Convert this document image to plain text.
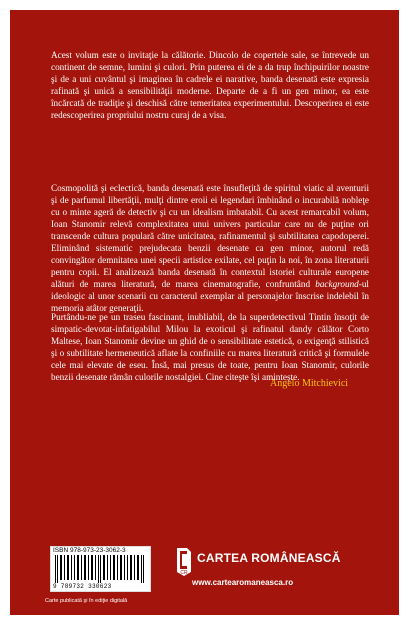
Acest volum este o invitaţie la călătorie. Dincolo de copertele sale, se întrevede un continent de semne, lumini şi culori. Prin puterea ei de a da trup închipuirilor noastre şi de a uni cuvântul şi imaginea în cadrele ei narative, banda desenată este expresia rafinată şi unică a sensibilităţii moderne. Departe de a fi un gen minor, ea este încărcată de tradiţie şi deschisă către temeritatea experimentului. Descoperirea ei este redescoperirea propriului nostru curaj de a visa.

Cosmopolită şi eclectică, banda desenată este însufleţită de spiritul viatic al aventurii şi de parfumul libertăţii, mulţi dintre eroii ei legendari îmbinând o incurabilă nobleţe cu o minte ageră de detectiv şi cu un idealism imbatabil. Cu acest remarcabil volum, Ioan Stanomir relevă complexitatea unui univers particular care nu de puţine ori transcende cultura populară către unicitatea, rafinamentul şi subtilitatea capodoperei. Eliminând sistematic prejudecata benzii desenate ca gen minor, autorul redă convingător demnitatea unei specii artistice exilate, cel puţin la noi, în zona literaturii pentru copii. El analizează banda desenată în contextul istoriei culturale europene alături de marea literatură, de marea cinematografie, confruntând background-ul ideologic al unor scenarii cu caracterul exemplar al personajelor înscrise indelebil în memoria atâtor generaţii.

Purtându-ne pe un traseu fascinant, inubliabil, de la superdetectivul Tintin însoţit de simpatic-devotat-infatigabilul Milou la exoticul şi rafinatul dandy călător Corto Maltese, Ioan Stanomir devine un ghid de o sensibilitate estetică, o exigenţă stilistică şi o subtilitate hermeneutică aflate la confiniile cu marea literatură critică şi formulele cele mai elevate de eseu. Însă, mai presus de toate, pentru Ioan Stanomir, culorile benzii desenate rămân culorile nostalgiei. Cine citeşte îşi aminteşte.

Angelo Mitchievici
ISBN 978-973-23-3062-3
9 789732 330623
CR
CARTEA ROMÂNEASCĂ
www.cartearomaneasca.ro
Carte publicată şi în ediţie digitală
